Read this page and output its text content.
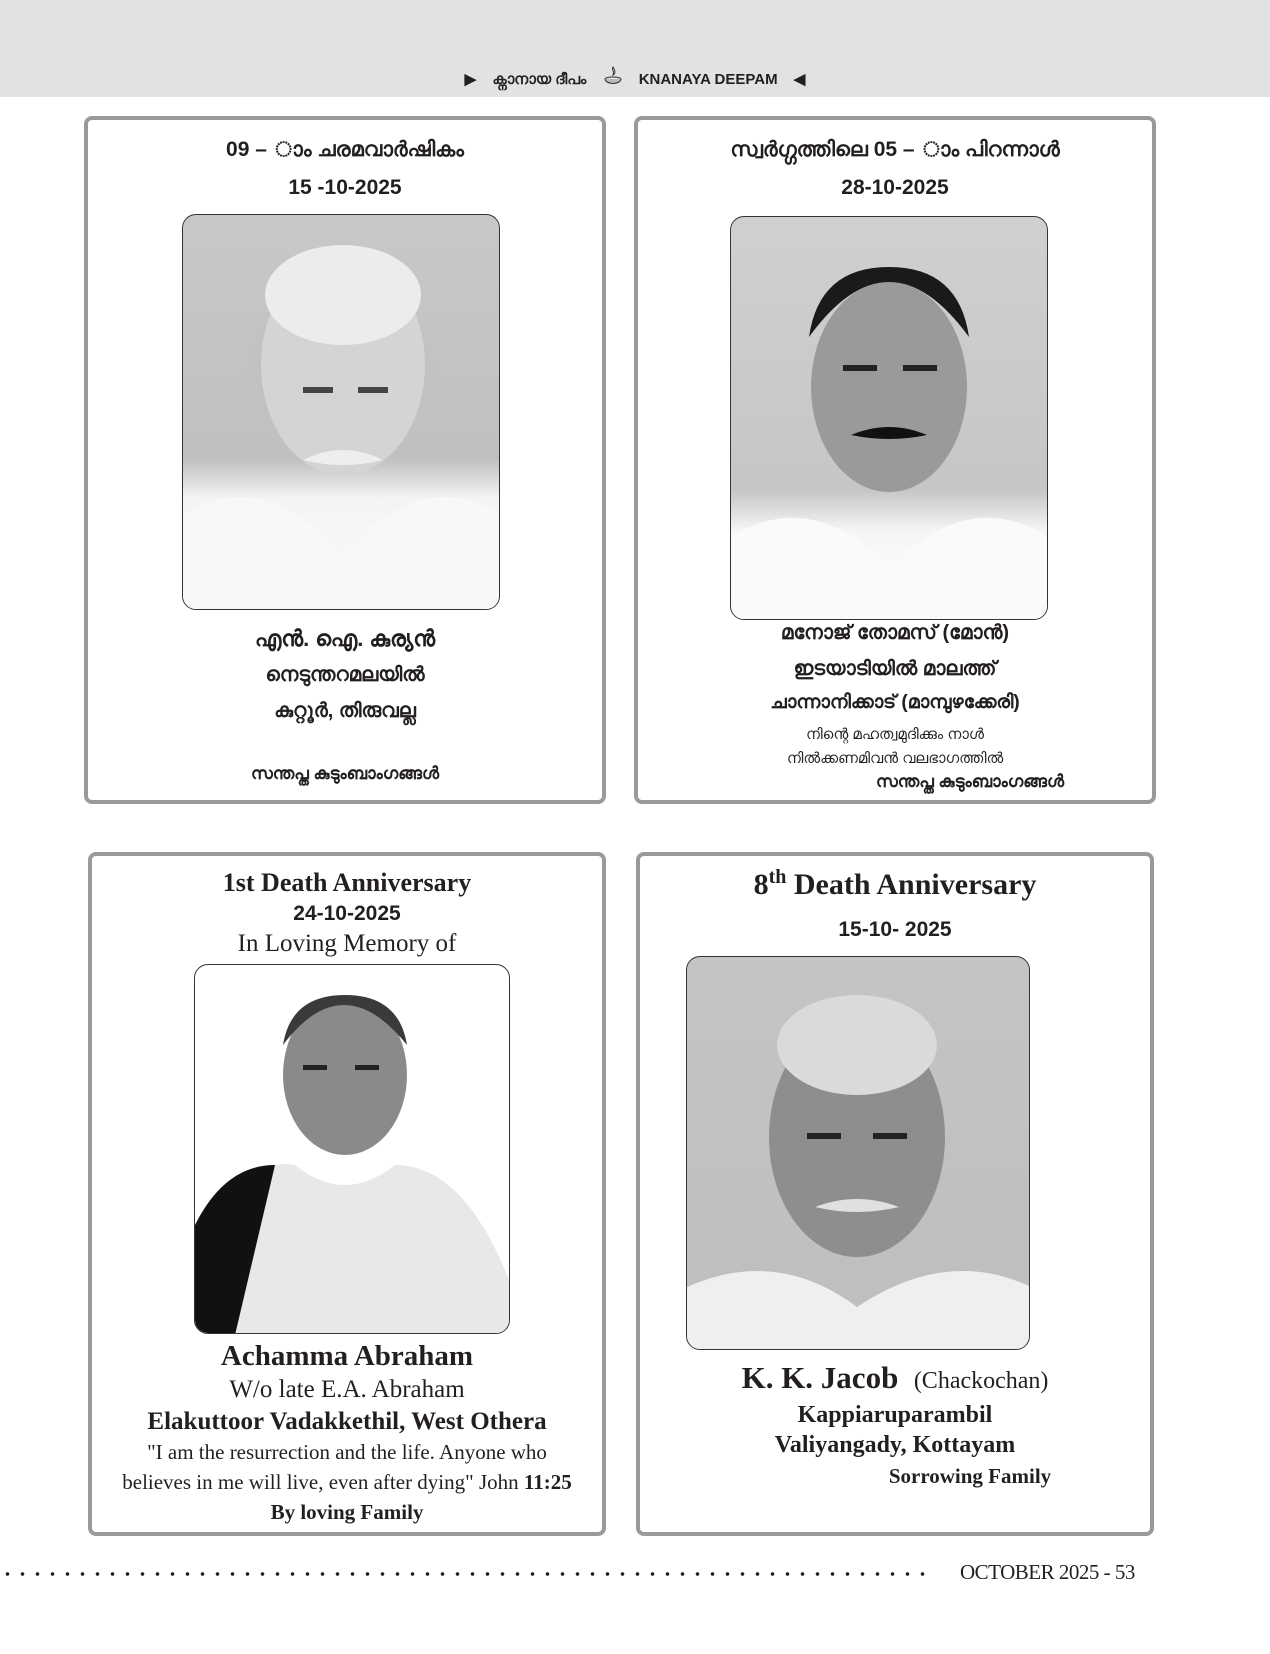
▶ ക്നാനായ ദീപം	KNANAYA DEEPAM ◀
09 – ാം ചരമവാർഷികം
15 -10-2025
എൻ. ഐ. കുര്യൻ
നെടുന്തറമലയിൽ
കുറ്റൂർ, തിരുവല്ല
സന്തപ്ത കുടുംബാംഗങ്ങൾ
സ്വർഗ്ഗത്തിലെ 05 – ാം പിറന്നാൾ
28-10-2025
മനോജ് തോമസ് (മോൻ)
ഇടയാടിയിൽ മാലത്ത്
ചാന്നാനിക്കാട് (മാമ്പുഴക്കേരി)
നിന്റെ മഹത്വമുദിക്കും നാൾ
നിൽക്കണമിവൻ വലഭാഗത്തിൽ
സന്തപ്ത കുടുംബാംഗങ്ങൾ
1st Death Anniversary
24-10-2025
In Loving Memory of
Achamma Abraham
W/o late E.A. Abraham
Elakuttoor Vadakkethil, West Othera
"I am the resurrection and the life. Anyone who
believes in me will live, even after dying" John 11:25
By loving Family
8th Death Anniversary
15-10- 2025
K. K. Jacob (Chackochan)
Kappiaruparambil
Valiyangady, Kottayam
Sorrowing Family
OCTOBER 2025 - 53
